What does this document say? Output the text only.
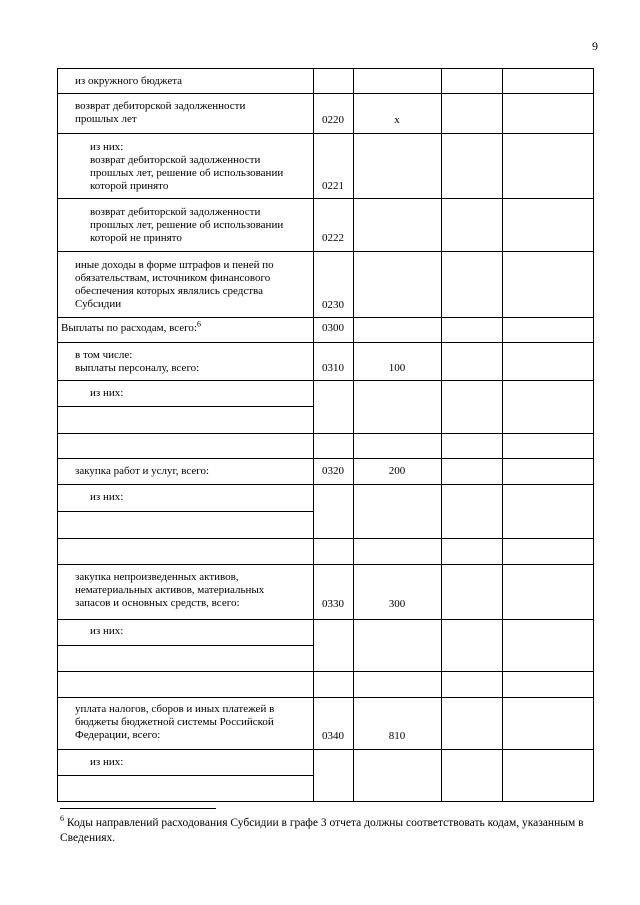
9
из окружного бюджета
возврат дебиторской задолженности
прошлых лет	0220	x
из них:
возврат дебиторской задолженности
прошлых лет, решение об использовании
которой принято	0221
возврат дебиторской задолженности
прошлых лет, решение об использовании
которой не принято	0222
иные доходы в форме штрафов и пеней по
обязательствам, источником финансового
обеспечения которых являлись средства
Субсидии	0230
Выплаты по расходам, всего:$^6$	0300
в том числе:
выплаты персоналу, всего:	0310	100
из них:
закупка работ и услуг, всего:	0320	200
из них:
закупка непроизведенных активов,
нематериальных активов, материальных
запасов и основных средств, всего:	0330	300
из них:
уплата налогов, сборов и иных платежей в
бюджеты бюджетной системы Российской
Федерации, всего:	0340	810
из них:
$^6$ Коды направлений расходования Субсидии в графе 3 отчета должны соответствовать кодам, указанным в Сведениях.
